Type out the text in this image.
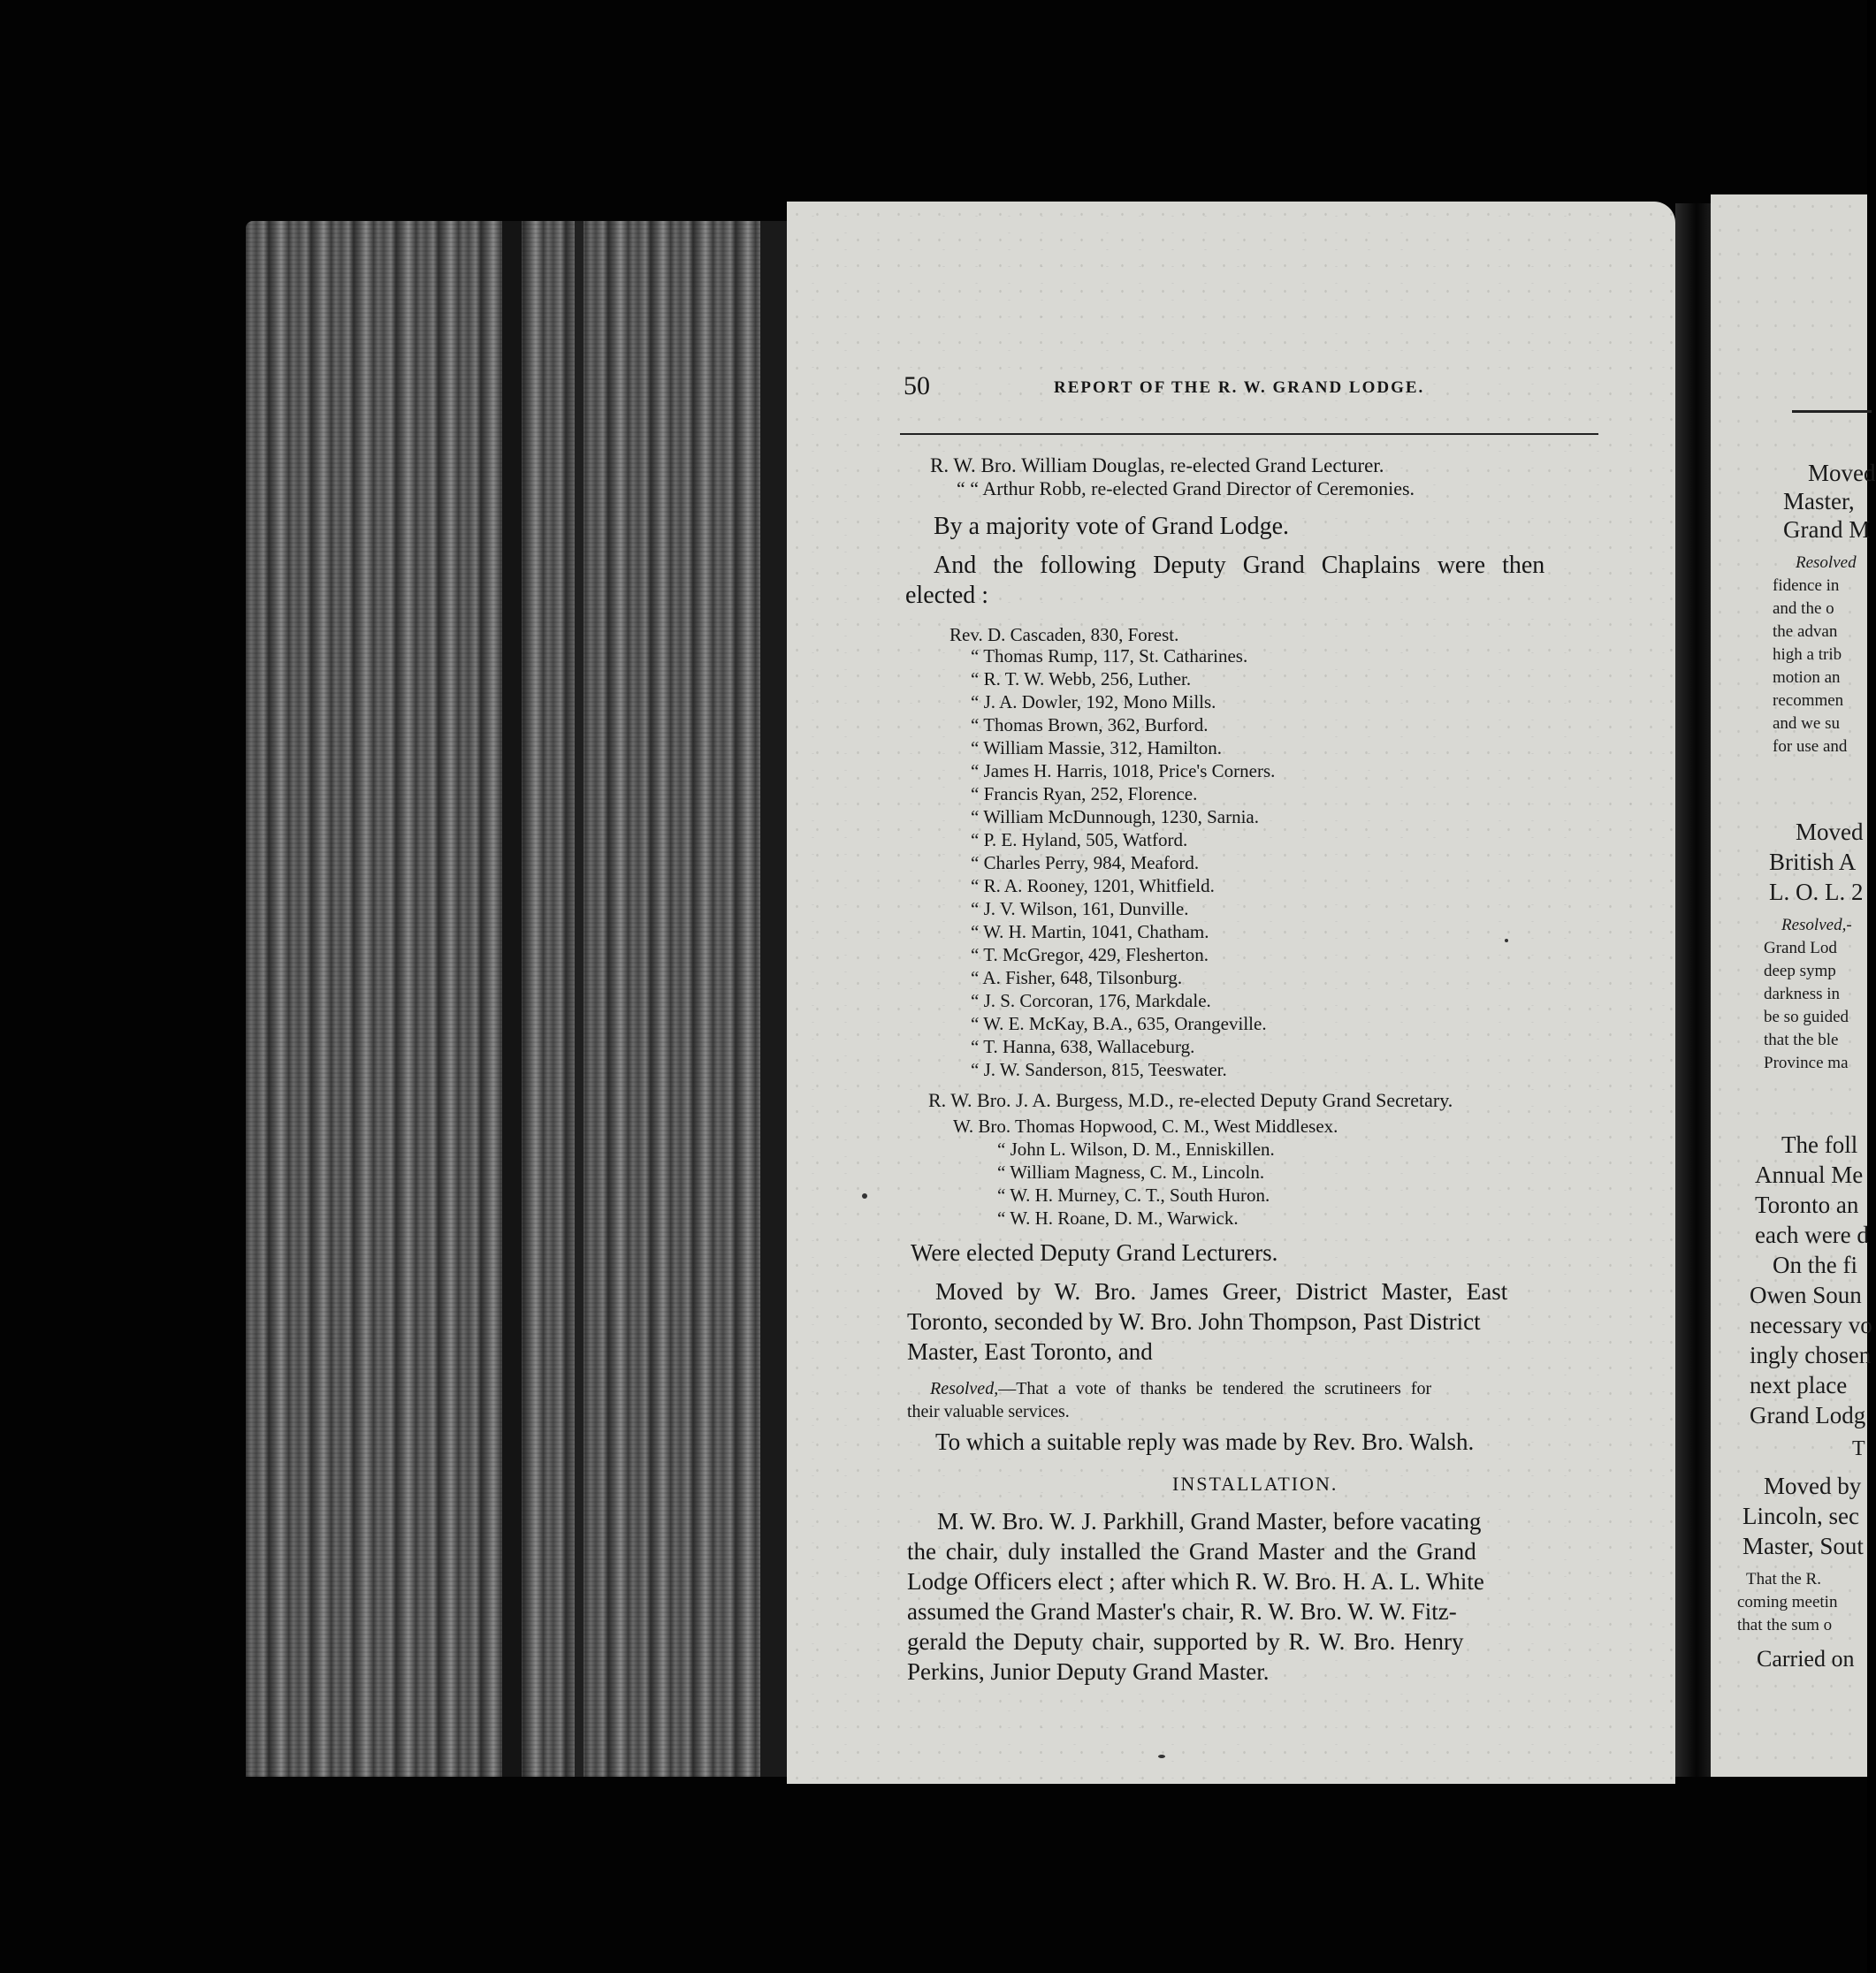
Moved
Master,
Grand M
Resolved
fidence in
and the o
the advan
high a trib
motion an
recommen
and we su
for use and
Moved
British A
L. O. L. 2
Resolved,-
Grand Lod
deep symp
darkness in
be so guided
that the ble
Province ma
The foll
Annual Me
Toronto an
each were d
On the fi
Owen Soun
necessary vo
ingly chosen
next place
Grand Lodg
T
Moved by
Lincoln, sec
Master, Sout
That the R.
coming meetin
that the sum o
Carried on
50	REPORT OF THE R. W. GRAND LODGE.
R. W. Bro. William Douglas, re-elected Grand Lecturer.
“ “ Arthur Robb, re-elected Grand Director of Ceremonies.
By a majority vote of Grand Lodge.
And the following Deputy Grand Chaplains were then
elected :
Rev. D. Cascaden, 830, Forest.
“ Thomas Rump, 117, St. Catharines.
“ R. T. W. Webb, 256, Luther.
“ J. A. Dowler, 192, Mono Mills.
“ Thomas Brown, 362, Burford.
“ William Massie, 312, Hamilton.
“ James H. Harris, 1018, Price's Corners.
“ Francis Ryan, 252, Florence.
“ William McDunnough, 1230, Sarnia.
“ P. E. Hyland, 505, Watford.
“ Charles Perry, 984, Meaford.
“ R. A. Rooney, 1201, Whitfield.
“ J. V. Wilson, 161, Dunville.
“ W. H. Martin, 1041, Chatham.
“ T. McGregor, 429, Flesherton.
“ A. Fisher, 648, Tilsonburg.
“ J. S. Corcoran, 176, Markdale.
“ W. E. McKay, B.A., 635, Orangeville.
“ T. Hanna, 638, Wallaceburg.
“ J. W. Sanderson, 815, Teeswater.
R. W. Bro. J. A. Burgess, M.D., re-elected Deputy Grand Secretary.
W. Bro. Thomas Hopwood, C. M., West Middlesex.
“ John L. Wilson, D. M., Enniskillen.
“ William Magness, C. M., Lincoln.
“ W. H. Murney, C. T., South Huron.
“ W. H. Roane, D. M., Warwick.
Were elected Deputy Grand Lecturers.
Moved by W. Bro. James Greer, District Master, East
Toronto, seconded by W. Bro. John Thompson, Past District
Master, East Toronto, and
Resolved,—That a vote of thanks be tendered the scrutineers for
their valuable services.
To which a suitable reply was made by Rev. Bro. Walsh.
INSTALLATION.
M. W. Bro. W. J. Parkhill, Grand Master, before vacating
the chair, duly installed the Grand Master and the Grand
Lodge Officers elect ; after which R. W. Bro. H. A. L. White
assumed the Grand Master's chair, R. W. Bro. W. W. Fitz-
gerald the Deputy chair, supported by R. W. Bro. Henry
Perkins, Junior Deputy Grand Master.
